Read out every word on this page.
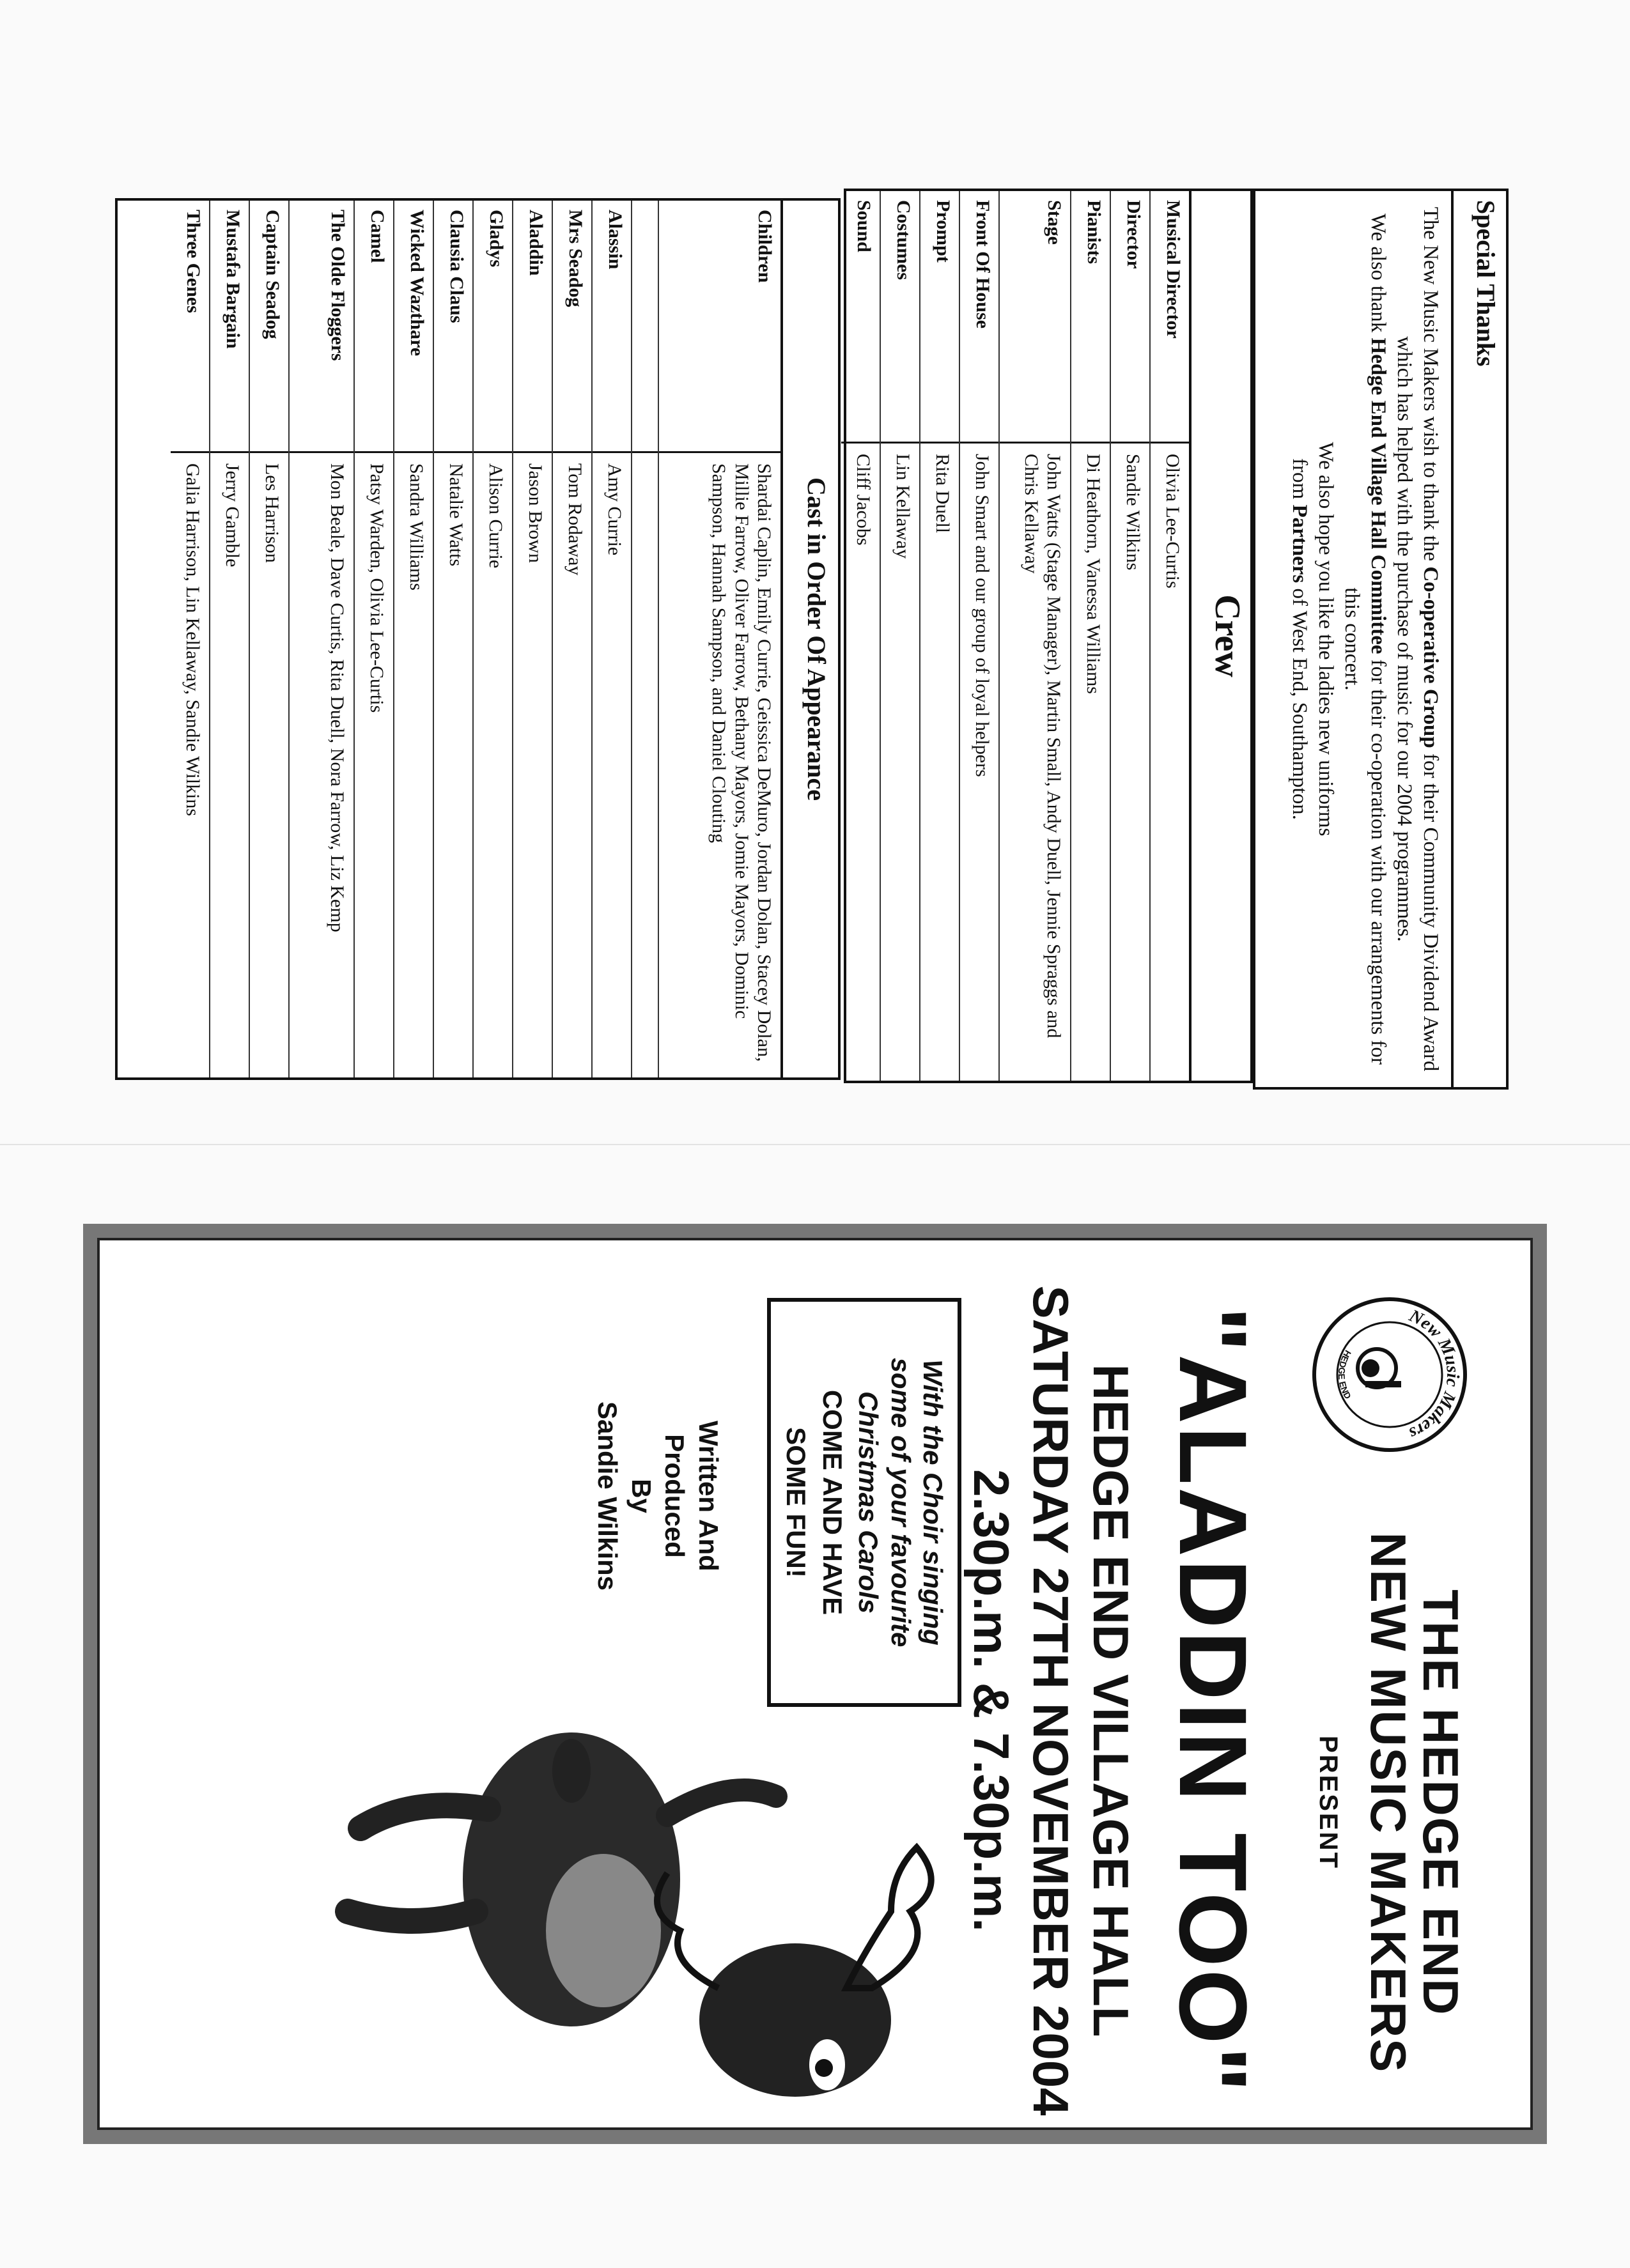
Cast in Order Of Appearance
Children
Shardai Caplin, Emily Currie, Geissica DeMuro, Jordan Dolan, Stacey Dolan, Millie Farrow, Oliver Farrow, Bethany Mayors, Jomie Mayors, Dominic Sampson, Hannah Sampson, and Daniel Clouting
Alassin
Amy Currie
Mrs Seadog
Tom Rodaway
Aladdin
Jason Brown
Gladys
Alison Currie
Clausia Claus
Natalie Watts
Wicked Wazthare
Sandra Williams
Camel
Patsy Warden, Olivia Lee-Curtis
The Olde Floggers
Mon Beale, Dave Curtis, Rita Duell, Nora Farrow, Liz Kemp
Captain Seadog
Les Harrison
Mustafa Bargain
Jerry Gamble
Three Genes
Galia Harrison, Lin Kellaway, Sandie Wilkins	Crew
Musical Director
Olivia Lee-Curtis
Director
Sandie Wilkins
Pianists
Di Heathorn, Vanessa Williams
Stage
John Watts (Stage Manager), Martin Small, Andy Duell, Jennie Spraggs and Chris Kellaway
Front Of House
John Smart and our group of loyal helpers
Prompt
Rita Duell
Costumes
Lin Kellaway
Sound
Cliff Jacobs
Special Thanks

The New Music Makers wish to thank the Co-operative Group for their Community Dividend Award which has helped with the purchase of music for our 2004 programmes.

We also thank Hedge End Village Hall Committee for their co-operation with our arrangements for this concert.

We also hope you like the ladies new uniforms

from Partners of West End, Southampton.

New Music Makers
HEDGE END
THE HEDGE END
NEW MUSIC MAKERS
PRESENT
"ALADDIN TOO"
HEDGE END VILLAGE HALL
SATURDAY 27TH NOVEMBER 2004
2.30p.m. & 7.30p.m.
With the Choir singing
some of your favourite
Christmas Carols
COME AND HAVE
SOME FUN!
Written And
Produced
By
Sandie Wilkins
